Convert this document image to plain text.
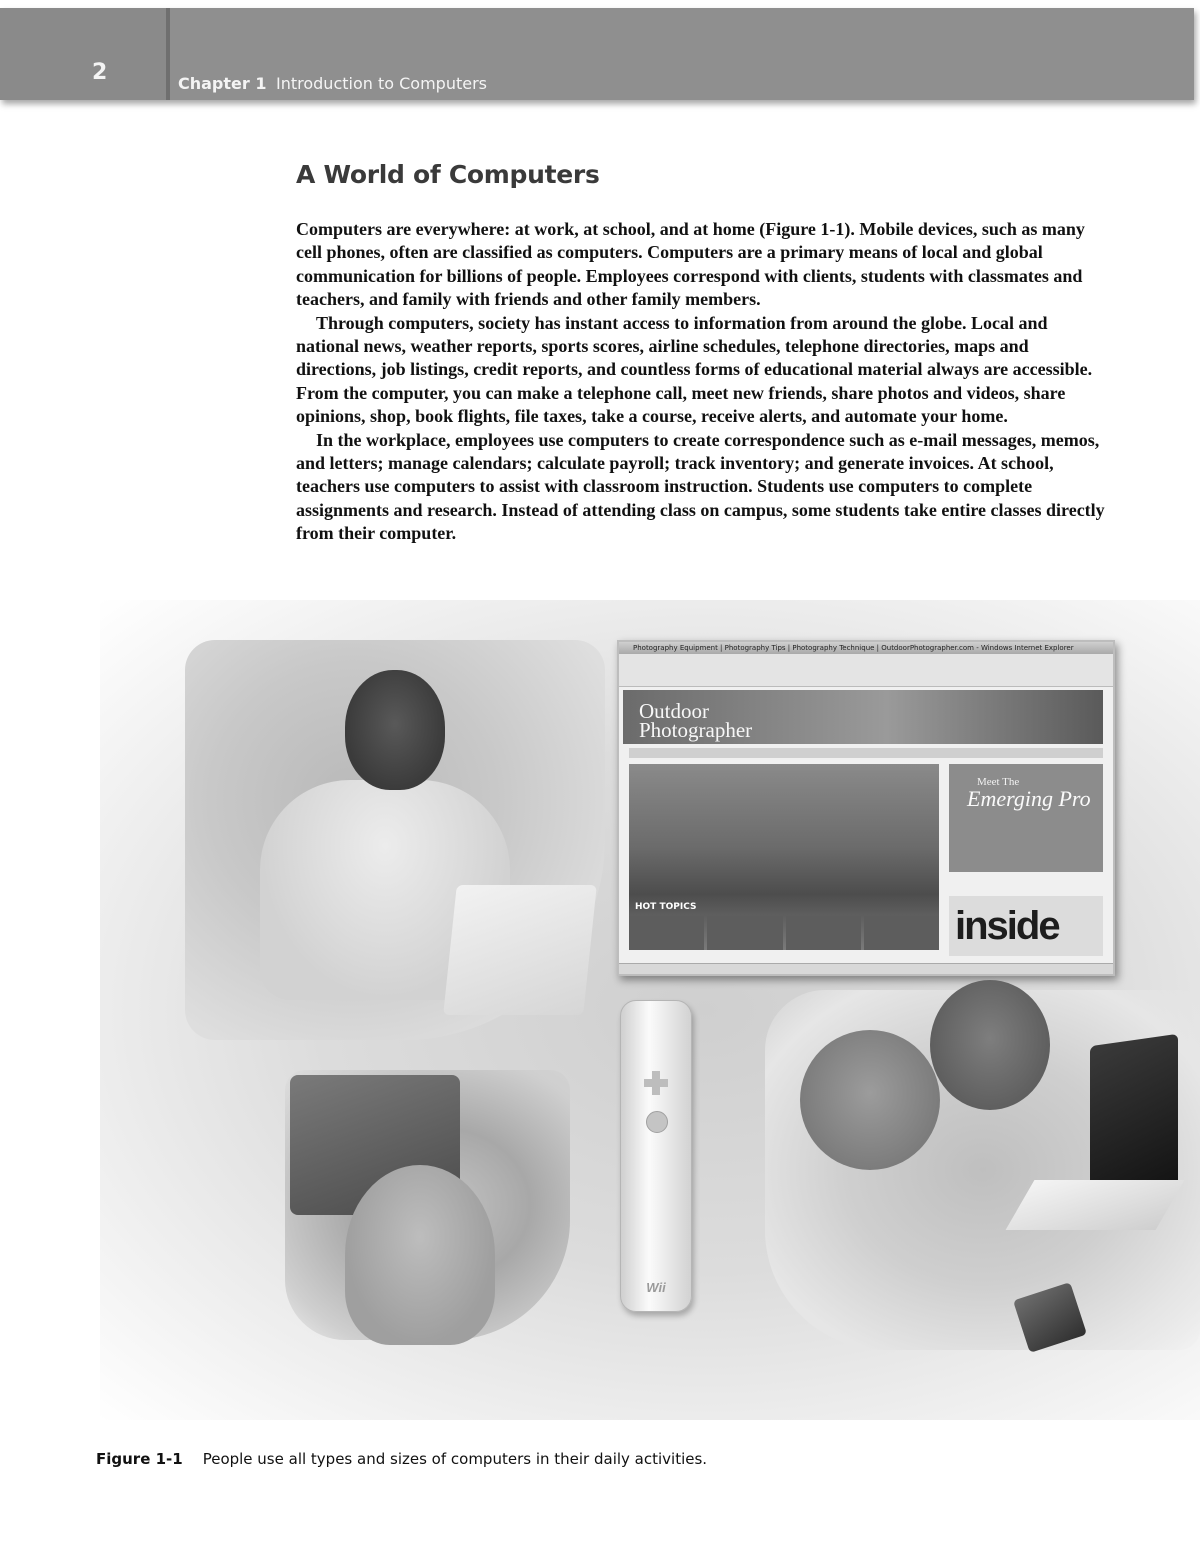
2	Chapter 1 Introduction to Computers
A World of Computers

Computers are everywhere: at work, at school, and at home (Figure 1-1). Mobile devices, such as many cell phones, often are classified as computers. Computers are a primary means of local and global communication for billions of people. Employees correspond with clients, students with classmates and teachers, and family with friends and other family members.

Through computers, society has instant access to information from around the globe. Local and national news, weather reports, sports scores, airline schedules, telephone directories, maps and directions, job listings, credit reports, and countless forms of educational material always are accessible. From the computer, you can make a telephone call, meet new friends, share photos and videos, share opinions, shop, book flights, file taxes, take a course, receive alerts, and automate your home.

In the workplace, employees use computers to create correspondence such as e-mail messages, memos, and letters; manage calendars; calculate payroll; track inventory; and generate invoices. At school, teachers use computers to assist with classroom instruction. Students use computers to complete assignments and research. Instead of attending class on campus, some students take entire classes directly from their computer.

Photography Equipment | Photography Tips | Photography Technique | OutdoorPhotographer.com - Windows Internet Explorer
Outdoor
Photographer
HOT TOPICS
Meet The
Emerging Pro
inside
Wii
Figure 1-1 People use all types and sizes of computers in their daily activities.
